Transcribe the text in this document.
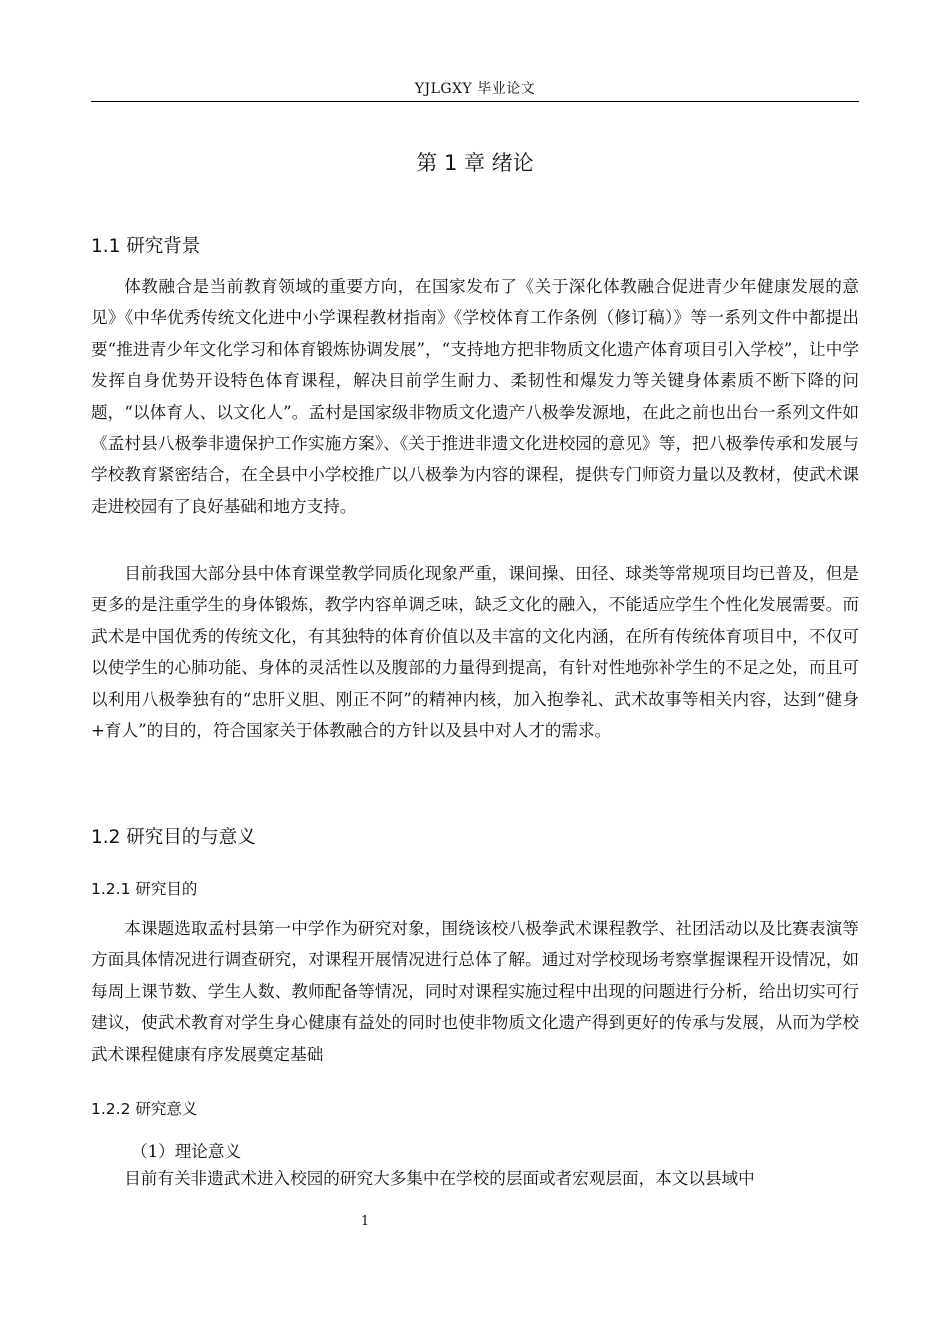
YJLGXY 毕业论文
第 1 章 绪论
1.1 研究背景

体教融合是当前教育领域的重要方向，在国家发布了《关于深化体教融合促进青少年健康发展的意见》《中华优秀传统文化进中小学课程教材指南》《学校体育工作条例（修订稿）》等一系列文件中都提出要“推进青少年文化学习和体育锻炼协调发展”，“支持地方把非物质文化遗产体育项目引入学校”，让中学发挥自身优势开设特色体育课程，解决目前学生耐力、柔韧性和爆发力等关键身体素质不断下降的问题，“以体育人、以文化人”。孟村是国家级非物质文化遗产八极拳发源地，在此之前也出台一系列文件如《孟村县八极拳非遗保护工作实施方案》、《关于推进非遗文化进校园的意见》等，把八极拳传承和发展与学校教育紧密结合，在全县中小学校推广以八极拳为内容的课程，提供专门师资力量以及教材，使武术课走进校园有了良好基础和地方支持。

目前我国大部分县中体育课堂教学同质化现象严重，课间操、田径、球类等常规项目均已普及，但是更多的是注重学生的身体锻炼，教学内容单调乏味，缺乏文化的融入，不能适应学生个性化发展需要。而武术是中国优秀的传统文化，有其独特的体育价值以及丰富的文化内涵，在所有传统体育项目中，不仅可以使学生的心肺功能、身体的灵活性以及腹部的力量得到提高，有针对性地弥补学生的不足之处，而且可以利用八极拳独有的“忠肝义胆、刚正不阿”的精神内核，加入抱拳礼、武术故事等相关内容，达到“健身+育人”的目的，符合国家关于体教融合的方针以及县中对人才的需求。

1.2 研究目的与意义
1.2.1 研究目的

本课题选取孟村县第一中学作为研究对象，围绕该校八极拳武术课程教学、社团活动以及比赛表演等方面具体情况进行调查研究，对课程开展情况进行总体了解。通过对学校现场考察掌握课程开设情况，如每周上课节数、学生人数、教师配备等情况，同时对课程实施过程中出现的问题进行分析，给出切实可行建议，使武术教育对学生身心健康有益处的同时也使非物质文化遗产得到更好的传承与发展，从而为学校武术课程健康有序发展奠定基础

1.2.2 研究意义
（1）理论意义

目前有关非遗武术进入校园的研究大多集中在学校的层面或者宏观层面，本文以县域中

1
